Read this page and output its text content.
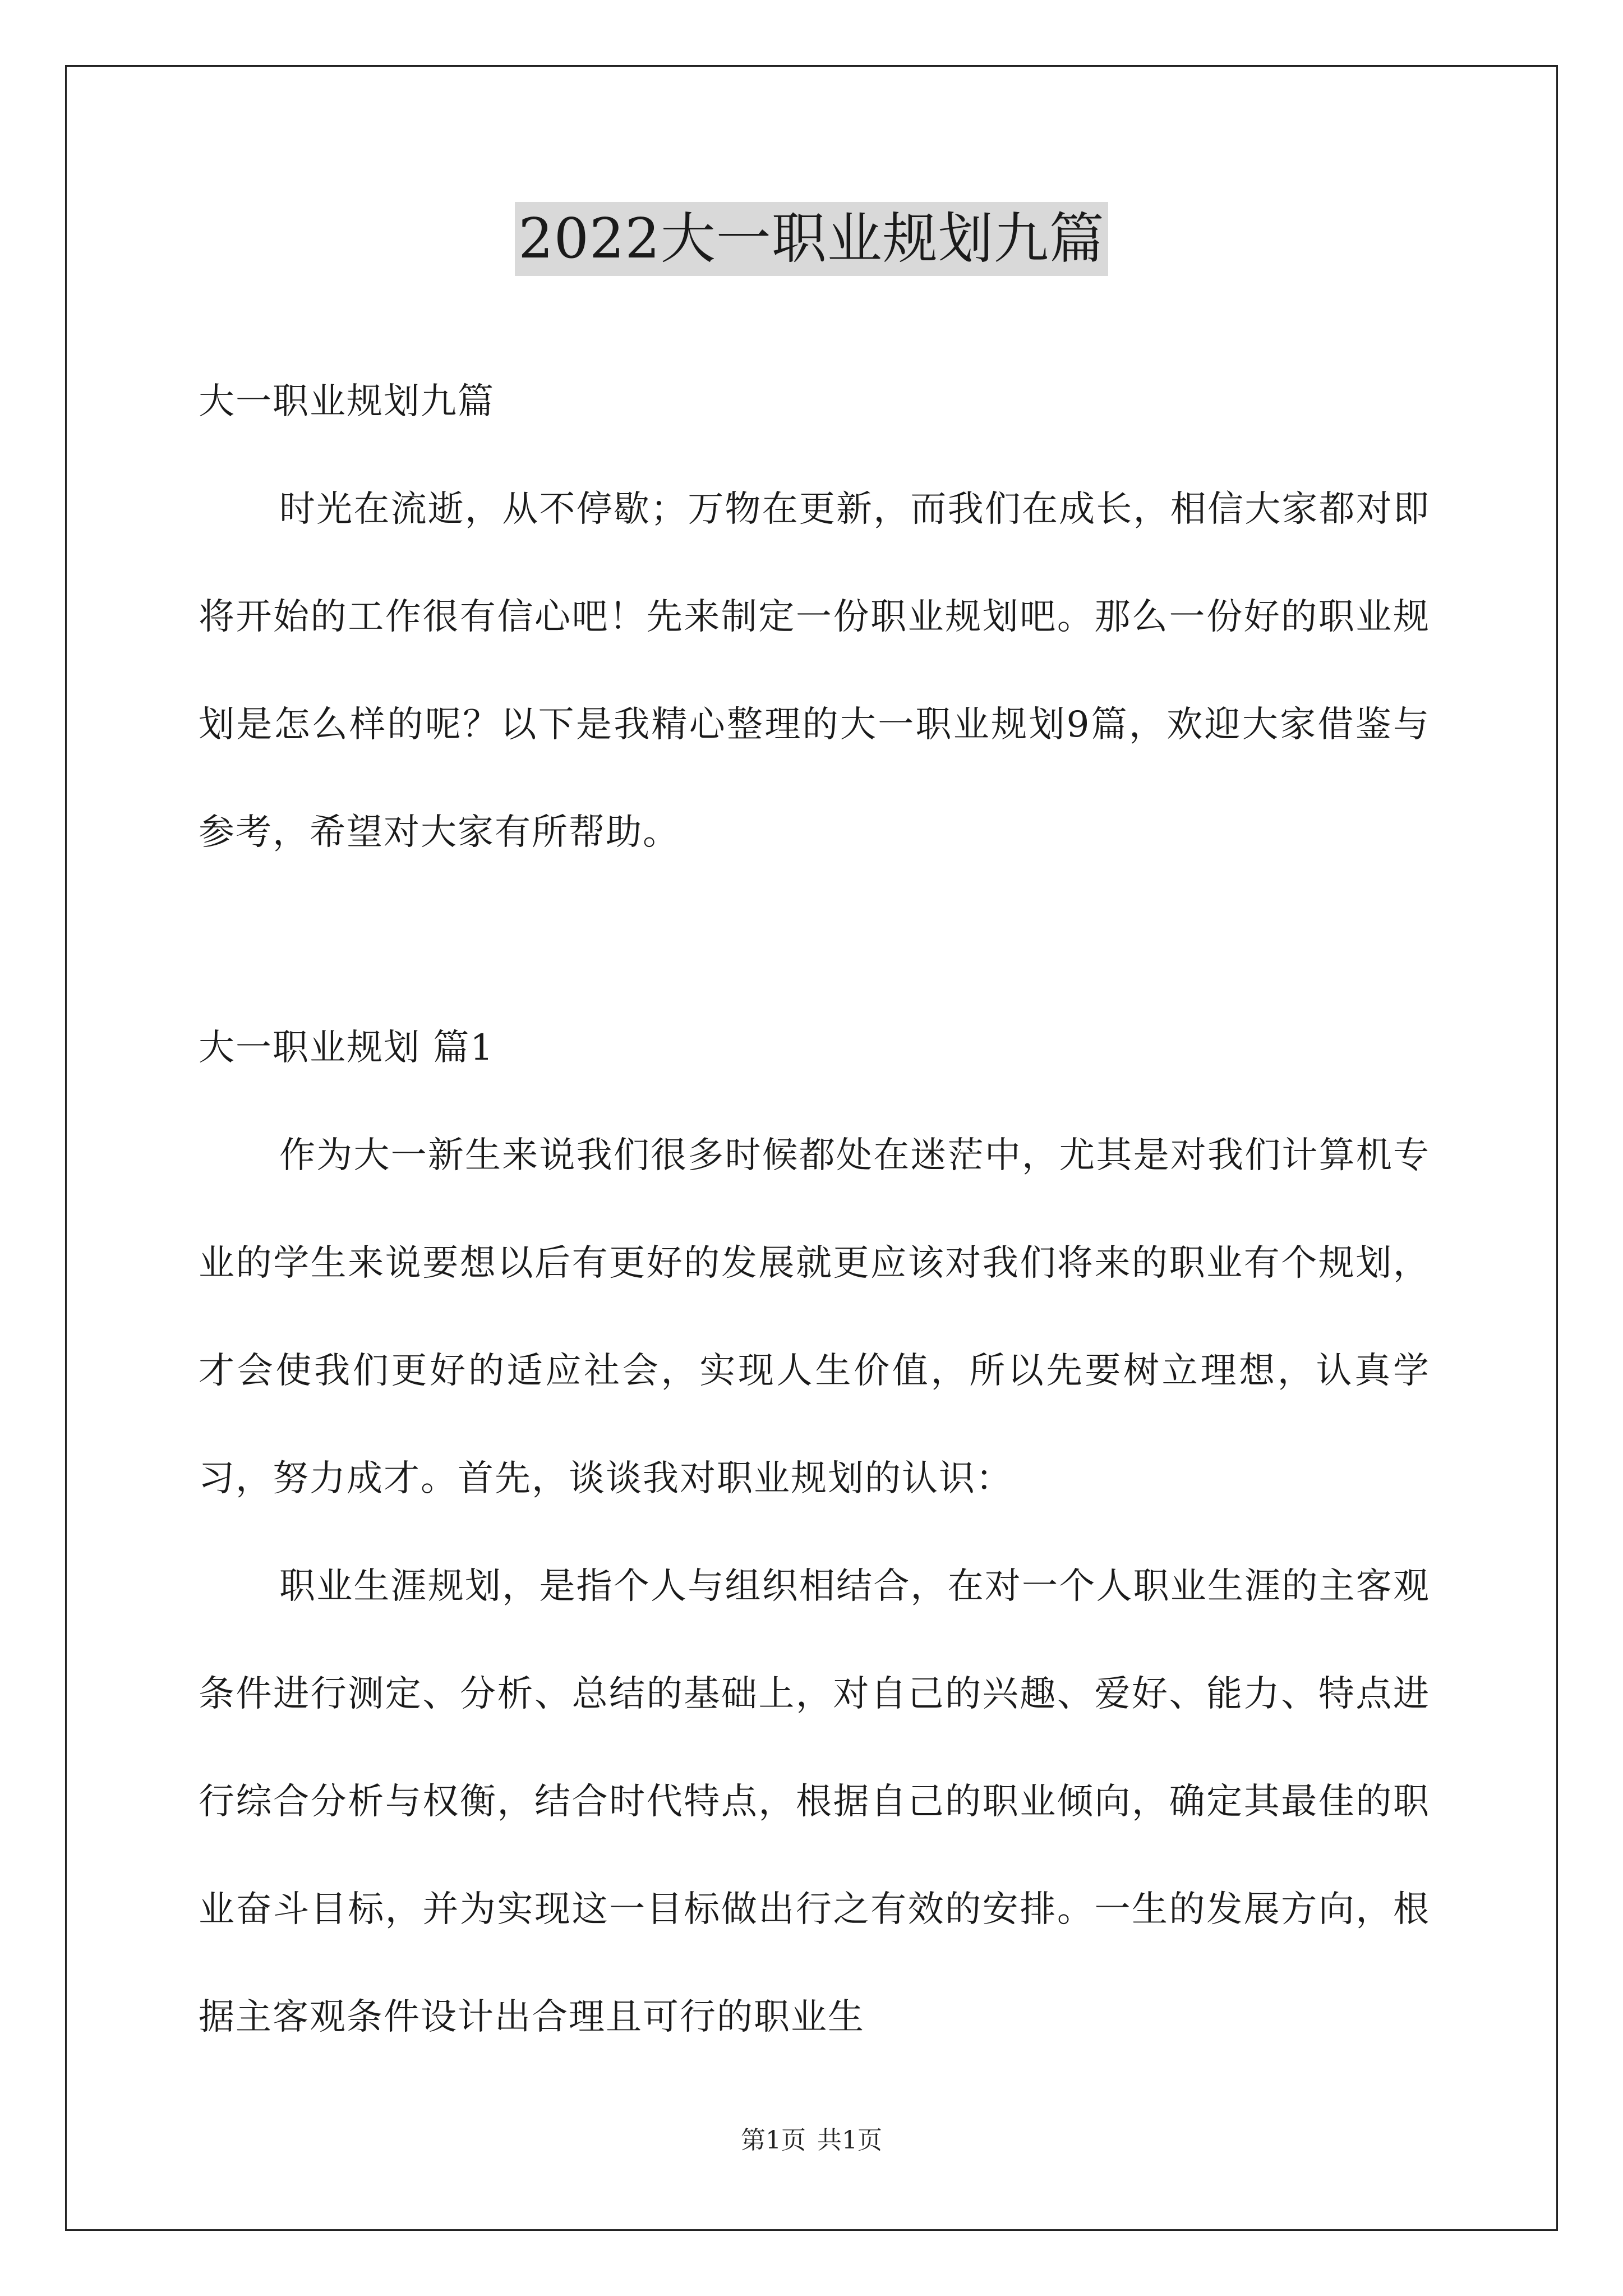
2022大一职业规划九篇

大一职业规划九篇

时光在流逝，从不停歇；万物在更新，而我们在成长，相信大家都对即将开始的工作很有信心吧！先来制定一份职业规划吧。那么一份好的职业规划是怎么样的呢？以下是我精心整理的大一职业规划9篇，欢迎大家借鉴与参考，希望对大家有所帮助。

大一职业规划 篇1

作为大一新生来说我们很多时候都处在迷茫中，尤其是对我们计算机专业的学生来说要想以后有更好的发展就更应该对我们将来的职业有个规划，才会使我们更好的适应社会，实现人生价值，所以先要树立理想，认真学习，努力成才。首先，谈谈我对职业规划的认识：

职业生涯规划，是指个人与组织相结合，在对一个人职业生涯的主客观条件进行测定、分析、总结的基础上，对自己的兴趣、爱好、能力、特点进行综合分析与权衡，结合时代特点，根据自己的职业倾向，确定其最佳的职业奋斗目标，并为实现这一目标做出行之有效的安排。一生的发展方向，根据主客观条件设计出合理且可行的职业生

第1页 共1页
